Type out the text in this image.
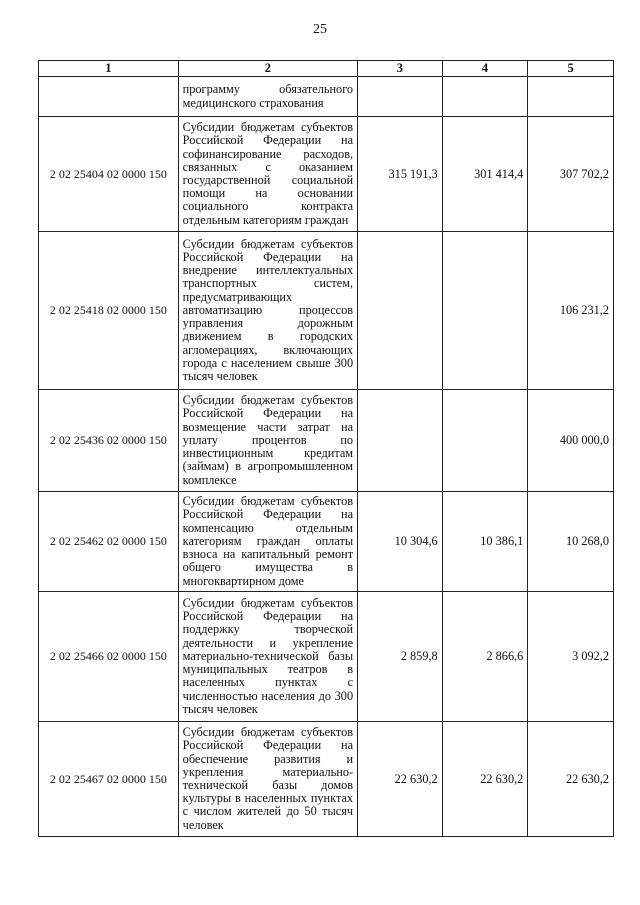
25
1	2	3	4	5
	программу обязательного медицинского страхования			
2 02 25404 02 0000 150	Субсидии бюджетам субъектов Российской Федерации на софинансирование расходов, связанных с оказанием государственной социальной помощи на основании социального контракта отдельным категориям граждан	315 191,3	301 414,4	307 702,2
2 02 25418 02 0000 150	Субсидии бюджетам субъектов Российской Федерации на внедрение интеллектуальных транспортных систем, предусматривающих автоматизацию процессов управления дорожным движением в городских агломерациях, включающих города с населением свыше 300 тысяч человек			106 231,2
2 02 25436 02 0000 150	Субсидии бюджетам субъектов Российской Федерации на возмещение части затрат на уплату процентов по инвестиционным кредитам (займам) в агропромышленном комплексе			400 000,0
2 02 25462 02 0000 150	Субсидии бюджетам субъектов Российской Федерации на компенсацию отдельным категориям граждан оплаты взноса на капитальный ремонт общего имущества в многоквартирном доме	10 304,6	10 386,1	10 268,0
2 02 25466 02 0000 150	Субсидии бюджетам субъектов Российской Федерации на поддержку творческой деятельности и укрепление материально-технической базы муниципальных театров в населенных пунктах с численностью населения до 300 тысяч человек	2 859,8	2 866,6	3 092,2
2 02 25467 02 0000 150	Субсидии бюджетам субъектов Российской Федерации на обеспечение развития и укрепления материально-технической базы домов культуры в населенных пунктах с числом жителей до 50 тысяч человек	22 630,2	22 630,2	22 630,2
